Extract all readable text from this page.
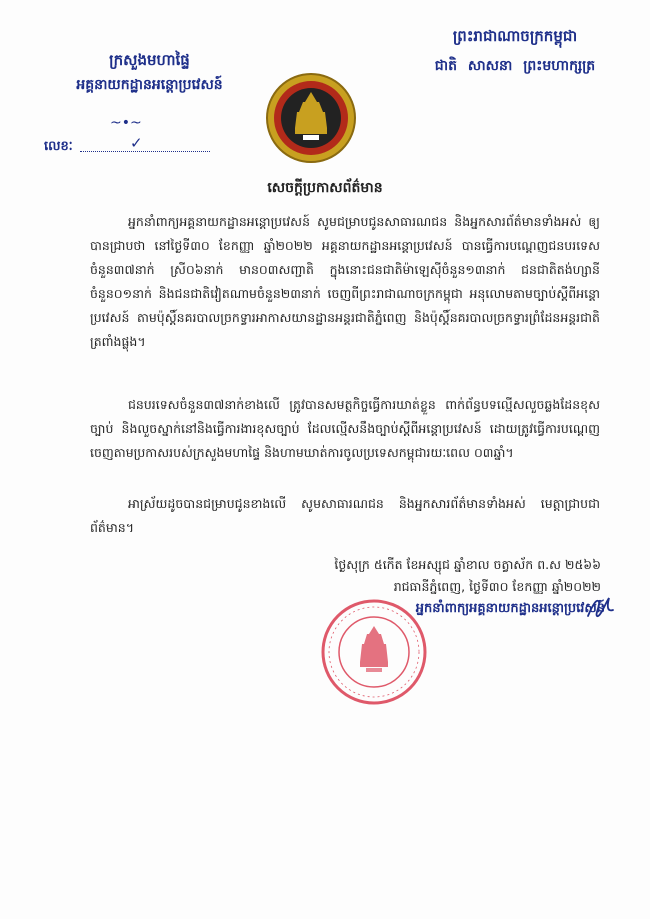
ក្រសួងមហាផ្ទៃ
អគ្គនាយកដ្ឋានអន្តោប្រវេសន៍
~•~
លេខៈ	✓
ព្រះរាជាណាចក្រកម្ពុជា
ជាតិ សាសនា ព្រះមហាក្សត្រ
សេចក្តីប្រកាសព័ត៌មាន
អ្នកនាំពាក្យអគ្គនាយកដ្ឋានអន្តោប្រវេសន៍ សូមជម្រាបជូនសាធារណជន និងអ្នកសារព័ត៌មានទាំងអស់ ឲ្យបានជ្រាបថា នៅថ្ងៃទី៣០ ខែកញ្ញា ឆ្នាំ២០២២ អគ្គនាយកដ្ឋានអន្តោប្រវេសន៍ បានធ្វើការបណ្តេញជនបរទេសចំនួន៣៧នាក់ ស្រី០៦នាក់ មាន០៣សញ្ជាតិ ក្នុងនោះជនជាតិម៉ាឡេស៊ីចំនួន១៣នាក់ ជនជាតិតង់ហ្សានីចំនួន០១នាក់ និងជនជាតិវៀតណាមចំនួន២៣នាក់ ចេញពីព្រះរាជាណាចក្រកម្ពុជា អនុលោមតាមច្បាប់ស្តីពីអន្តោប្រវេសន៍ តាមប៉ុស្តិ៍នគរបាលច្រកទ្វារអាកាសយានដ្ឋានអន្តរជាតិភ្នំពេញ និងប៉ុស្តិ៍នគរបាលច្រកទ្វារព្រំដែនអន្តរជាតិត្រពាំងផ្លុង។
ជនបរទេសចំនួន៣៧នាក់ខាងលើ ត្រូវបានសមត្ថកិច្ចធ្វើការឃាត់ខ្លួន ពាក់ព័ន្ធបទល្មើសលួចឆ្លងដែនខុសច្បាប់ និងលួចស្នាក់នៅនិងធ្វើការងារខុសច្បាប់ ដែលល្មើសនឹងច្បាប់ស្តីពីអន្តោប្រវេសន៍ ដោយត្រូវធ្វើការបណ្តេញចេញតាមប្រកាសរបស់ក្រសួងមហាផ្ទៃ និងហាមឃាត់ការចូលប្រទេសកម្ពុជារយៈពេល ០៣ឆ្នាំ។
អាស្រ័យដូចបានជម្រាបជូនខាងលើ សូមសាធារណជន និងអ្នកសារព័ត៌មានទាំងអស់ មេត្តាជ្រាបជាព័ត៌មាន។
ថ្ងៃសុក្រ ៥កើត ខែអស្សុជ ឆ្នាំខាល ចត្វាស័ក ព.ស ២៥៦៦
រាជធានីភ្នំពេញ, ថ្ងៃទី៣០ ខែកញ្ញា ឆ្នាំ២០២២
អ្នកនាំពាក្យអគ្គនាយកដ្ឋានអន្តោប្រវេសន៍
